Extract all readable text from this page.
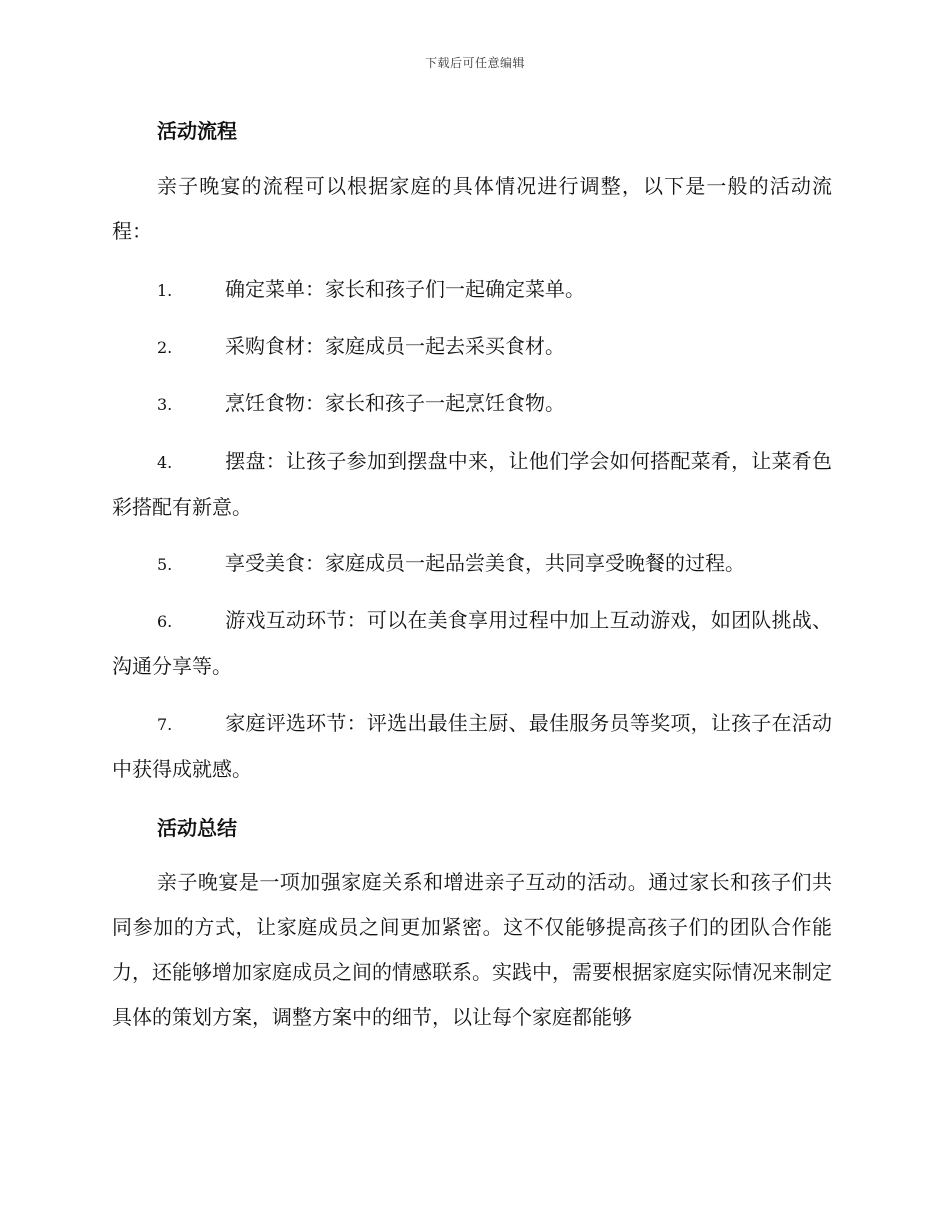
下载后可任意编辑
活动流程
亲子晚宴的流程可以根据家庭的具体情况进行调整，以下是一般的活动流程：
1.	确定菜单：家长和孩子们一起确定菜单。
2.	采购食材：家庭成员一起去采买食材。
3.	烹饪食物：家长和孩子一起烹饪食物。
4.	摆盘：让孩子参加到摆盘中来，让他们学会如何搭配菜肴，让菜肴色彩搭配有新意。
5.	享受美食：家庭成员一起品尝美食，共同享受晚餐的过程。
6.	游戏互动环节：可以在美食享用过程中加上互动游戏，如团队挑战、沟通分享等。
7.	家庭评选环节：评选出最佳主厨、最佳服务员等奖项，让孩子在活动中获得成就感。
活动总结
亲子晚宴是一项加强家庭关系和增进亲子互动的活动。通过家长和孩子们共同参加的方式，让家庭成员之间更加紧密。这不仅能够提高孩子们的团队合作能力，还能够增加家庭成员之间的情感联系。实践中，需要根据家庭实际情况来制定具体的策划方案，调整方案中的细节，以让每个家庭都能够
